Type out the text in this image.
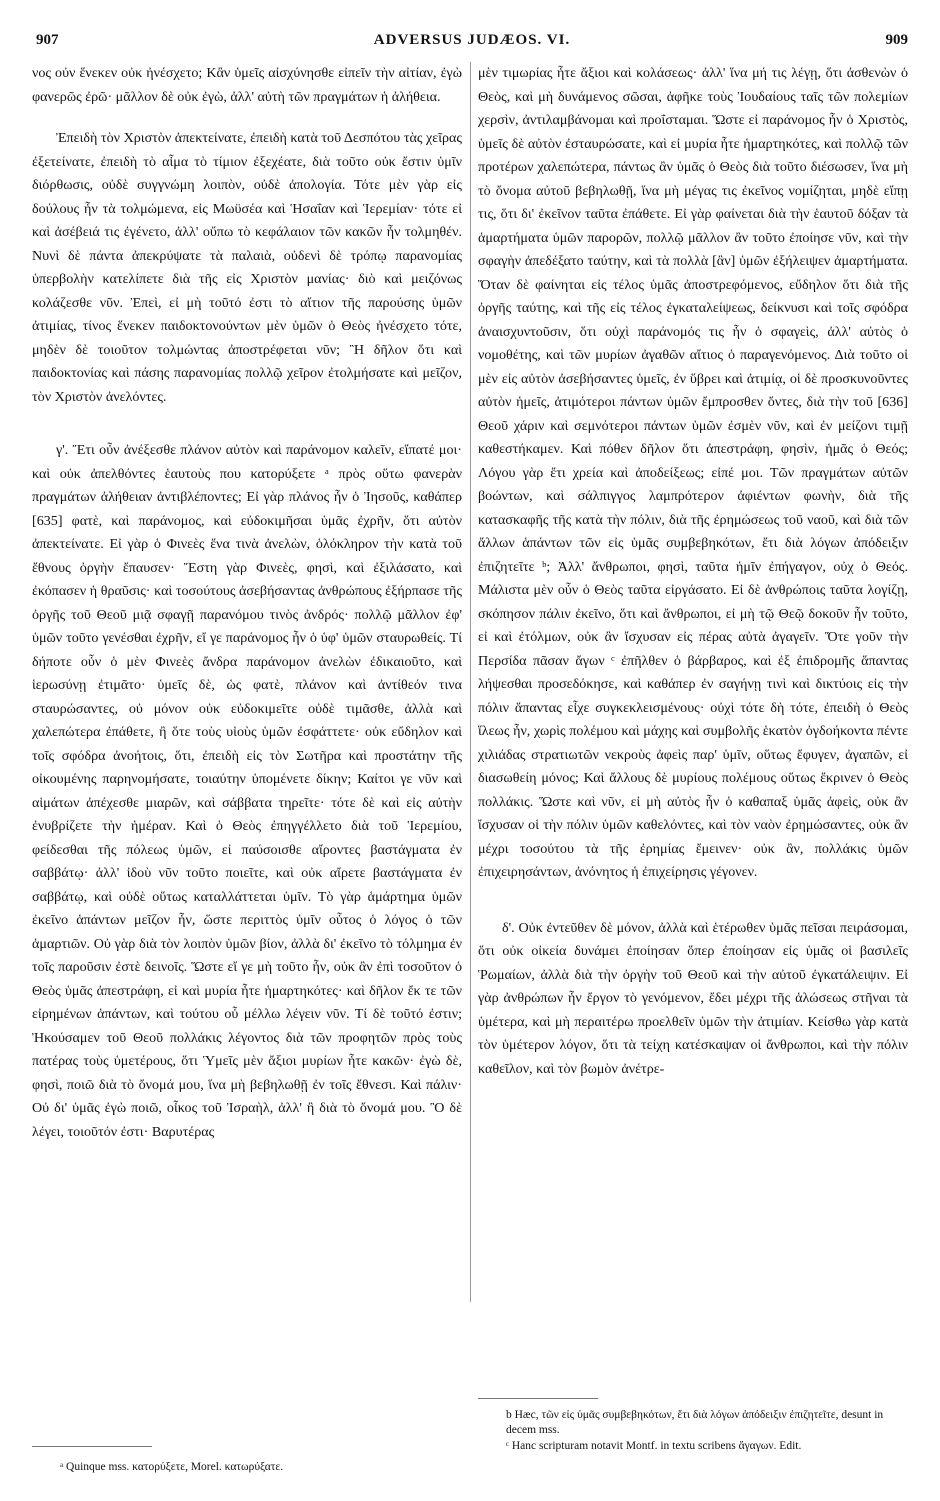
907	ADVERSUS JUDÆOS. VI.	909

νος οὐν ἕνεκεν οὐκ ἠνέσχετο; Κἂν ὑμεῖς αἰσχύνησθε εἰπεῖν τὴν αἰτίαν, ἐγὼ φανερῶς ἐρῶ· μᾶλλον δὲ οὐκ ἐγὼ, ἀλλ' αὐτὴ τῶν πραγμάτων ἡ ἀλήθεια.

Ἐπειδὴ τὸν Χριστὸν ἀπεκτείνατε, ἐπειδὴ κατὰ τοῦ Δεσπότου τὰς χεῖρας ἐξετείνατε, ἐπειδὴ τὸ αἷμα τὸ τίμιον ἐξεχέατε, διὰ τοῦτο οὐκ ἔστιν ὑμῖν διόρθωσις, οὐδὲ συγγνώμη λοιπὸν, οὐδὲ ἀπολογία. Τότε μὲν γὰρ εἰς δούλους ἦν τὰ τολμώμενα, εἰς Μωϋσέα καὶ Ἡσαΐαν καὶ Ἱερεμίαν· τότε εἰ καὶ ἀσέβειά τις ἐγένετο, ἀλλ' οὔπω τὸ κεφάλαιον τῶν κακῶν ἦν τολμηθέν. Νυνὶ δὲ πάντα ἀπεκρύψατε τὰ παλαιὰ, οὐδενὶ δὲ τρόπῳ παρανομίας ὑπερβολὴν κατελίπετε διὰ τῆς εἰς Χριστὸν μανίας· διὸ καὶ μειζόνως κολάζεσθε νῦν. Ἐπεὶ, εἰ μὴ τοῦτό ἐστι τὸ αἴτιον τῆς παρούσης ὑμῶν ἀτιμίας, τίνος ἕνεκεν παιδοκτονούντων μὲν ὑμῶν ὁ Θεὸς ἠνέσχετο τότε, μηδὲν δὲ τοιοῦτον τολμώντας ἀποστρέφεται νῦν; Ἢ δῆλον ὅτι καὶ παιδοκτονίας καὶ πάσης παρανομίας πολλῷ χεῖρον ἐτολμήσατε καὶ μεῖζον, τὸν Χριστὸν ἀνελόντες.

γ'. Ἔτι οὖν ἀνέξεσθε πλάνον αὐτὸν καὶ παράνομον καλεῖν, εἴπατέ μοι· καὶ οὐκ ἀπελθόντες ἑαυτοὺς που κατορύξετε ᵃ πρὸς οὕτω φανερὰν πραγμάτων ἀλήθειαν ἀντιβλέποντες; Εἰ γὰρ πλάνος ἦν ὁ Ἰησοῦς, καθάπερ [635] φατὲ, καὶ παράνομος, καὶ εὐδοκιμῆσαι ὑμᾶς ἐχρῆν, ὅτι αὐτὸν ἀπεκτείνατε. Εἰ γὰρ ὁ Φινεὲς ἕνα τινὰ ἀνελὼν, ὁλόκληρον τὴν κατὰ τοῦ ἔθνους ὀργὴν ἔπαυσεν· Ἔστη γὰρ Φινεὲς, φησὶ, καὶ ἐξιλάσατο, καὶ ἐκόπασεν ἡ θραῦσις· καὶ τοσούτους ἀσεβήσαντας ἀνθρώπους ἐξήρπασε τῆς ὀργῆς τοῦ Θεοῦ μιᾷ σφαγῇ παρανόμου τινὸς ἀνδρός· πολλῷ μᾶλλον ἐφ' ὑμῶν τοῦτο γενέσθαι ἐχρῆν, εἴ γε παράνομος ἦν ὁ ὑφ' ὑμῶν σταυρωθείς. Τί δήποτε οὖν ὁ μὲν Φινεὲς ἄνδρα παράνομον ἀνελὼν ἐδικαιοῦτο, καὶ ἱερωσύνῃ ἐτιμᾶτο· ὑμεῖς δὲ, ὡς φατὲ, πλάνον καὶ ἀντίθεόν τινα σταυρώσαντες, οὐ μόνον οὐκ εὐδοκιμεῖτε οὐδὲ τιμᾶσθε, ἀλλὰ καὶ χαλεπώτερα ἐπάθετε, ἢ ὅτε τοὺς υἱοὺς ὑμῶν ἐσφάττετε· οὐκ εὔδηλον καὶ τοῖς σφόδρα ἀνοήτοις, ὅτι, ἐπειδὴ εἰς τὸν Σωτῆρα καὶ προστάτην τῆς οἰκουμένης παρηνομήσατε, τοιαύτην ὑπομένετε δίκην; Καίτοι γε νῦν καὶ αἱμάτων ἀπέχεσθε μιαρῶν, καὶ σάββατα τηρεῖτε· τότε δὲ καὶ εἰς αὐτὴν ἐνυβρίζετε τὴν ἡμέραν. Καὶ ὁ Θεὸς ἐπηγγέλλετο διὰ τοῦ Ἱερεμίου, φείδεσθαι τῆς πόλεως ὑμῶν, εἰ παύσοισθε αἴροντες βαστάγματα ἐν σαββάτῳ· ἀλλ' ἰδοὺ νῦν τοῦτο ποιεῖτε, καὶ οὐκ αἴρετε βαστάγματα ἐν σαββάτῳ, καὶ οὐδὲ οὕτως καταλλάττεται ὑμῖν. Τὸ γὰρ ἁμάρτημα ὑμῶν ἐκεῖνο ἁπάντων μεῖζον ἦν, ὥστε περιττὸς ὑμῖν οὗτος ὁ λόγος ὁ τῶν ἁμαρτιῶν. Οὐ γὰρ διὰ τὸν λοιπὸν ὑμῶν βίον, ἀλλὰ δι' ἐκεῖνο τὸ τόλμημα ἐν τοῖς παροῦσιν ἐστὲ δεινοῖς. Ὥστε εἴ γε μὴ τοῦτο ἦν, οὐκ ἂν ἐπὶ τοσοῦτον ὁ Θεὸς ὑμᾶς ἀπεστράφη, εἰ καὶ μυρία ἦτε ἡμαρτηκότες· καὶ δῆλον ἔκ τε τῶν εἰρημένων ἁπάντων, καὶ τούτου οὗ μέλλω λέγειν νῦν. Τί δὲ τοῦτό ἐστιν; Ἠκούσαμεν τοῦ Θεοῦ πολλάκις λέγοντος διὰ τῶν προφητῶν πρὸς τοὺς πατέρας τοὺς ὑμετέρους, ὅτι Ὑμεῖς μὲν ἄξιοι μυρίων ἦτε κακῶν· ἐγὼ δὲ, φησὶ, ποιῶ διὰ τὸ ὄνομά μου, ἵνα μὴ βεβηλωθῇ ἐν τοῖς ἔθνεσι. Καὶ πάλιν· Οὐ δι' ὑμᾶς ἐγὼ ποιῶ, οἶκος τοῦ Ἰσραὴλ, ἀλλ' ἢ διὰ τὸ ὄνομά μου. Ὃ δὲ λέγει, τοιοῦτόν ἐστι· Βαρυτέρας

μὲν τιμωρίας ἦτε ἄξιοι καὶ κολάσεως· ἀλλ' ἵνα μή τις λέγῃ, ὅτι ἀσθενὼν ὁ Θεὸς, καὶ μὴ δυνάμενος σῶσαι, ἀφῆκε τοὺς Ἰουδαίους ταῖς τῶν πολεμίων χερσὶν, ἀντιλαμβάνομαι καὶ προΐσταμαι. Ὥστε εἰ παράνομος ἦν ὁ Χριστὸς, ὑμεῖς δὲ αὐτὸν ἐσταυρώσατε, καὶ εἰ μυρία ἦτε ἡμαρτηκότες, καὶ πολλῷ τῶν προτέρων χαλεπώτερα, πάντως ἂν ὑμᾶς ὁ Θεὸς διὰ τοῦτο διέσωσεν, ἵνα μὴ τὸ ὄνομα αὐτοῦ βεβηλωθῇ, ἵνα μὴ μέγας τις ἐκεῖνος νομίζηται, μηδὲ εἴπῃ τις, ὅτι δι' ἐκεῖνον ταῦτα ἐπάθετε. Εἰ γὰρ φαίνεται διὰ τὴν ἑαυτοῦ δόξαν τὰ ἁμαρτήματα ὑμῶν παρορῶν, πολλῷ μᾶλλον ἂν τοῦτο ἐποίησε νῦν, καὶ τὴν σφαγὴν ἀπεδέξατο ταύτην, καὶ τὰ πολλὰ [ἂν] ὑμῶν ἐξήλειψεν ἁμαρτήματα. Ὅταν δὲ φαίνηται εἰς τέλος ὑμᾶς ἀποστρεφόμενος, εὔδηλον ὅτι διὰ τῆς ὀργῆς ταύτης, καὶ τῆς εἰς τέλος ἐγκαταλείψεως, δείκνυσι καὶ τοῖς σφόδρα ἀναισχυντοῦσιν, ὅτι οὐχὶ παράνομός τις ἦν ὁ σφαγεὶς, ἀλλ' αὐτὸς ὁ νομοθέτης, καὶ τῶν μυρίων ἀγαθῶν αἴτιος ὁ παραγενόμενος. Διὰ τοῦτο οἱ μὲν εἰς αὐτὸν ἀσεβήσαντες ὑμεῖς, ἐν ὕβρει καὶ ἀτιμίᾳ, οἱ δὲ προσκυνοῦντες αὐτὸν ἡμεῖς, ἀτιμότεροι πάντων ὑμῶν ἔμπροσθεν ὄντες, διὰ τὴν τοῦ [636] Θεοῦ χάριν καὶ σεμνότεροι πάντων ὑμῶν ἐσμὲν νῦν, καὶ ἐν μείζονι τιμῇ καθεστήκαμεν. Καὶ πόθεν δῆλον ὅτι ἀπεστράφη, φησὶν, ἡμᾶς ὁ Θεός; Λόγου γὰρ ἔτι χρεία καὶ ἀποδείξεως; εἰπέ μοι. Τῶν πραγμάτων αὐτῶν βοώντων, καὶ σάλπιγγος λαμπρότερον ἀφιέντων φωνὴν, διὰ τῆς κατασκαφῆς τῆς κατὰ τὴν πόλιν, διὰ τῆς ἐρημώσεως τοῦ ναοῦ, καὶ διὰ τῶν ἄλλων ἁπάντων τῶν εἰς ὑμᾶς συμβεβηκότων, ἔτι διὰ λόγων ἀπόδειξιν ἐπιζητεῖτε ᵇ; Ἀλλ' ἄνθρωποι, φησὶ, ταῦτα ἡμῖν ἐπήγαγον, οὐχ ὁ Θεός. Μάλιστα μὲν οὖν ὁ Θεὸς ταῦτα εἰργάσατο. Εἰ δὲ ἀνθρώποις ταῦτα λογίζῃ, σκόπησον πάλιν ἐκεῖνο, ὅτι καὶ ἄνθρωποι, εἰ μὴ τῷ Θεῷ δοκοῦν ἦν τοῦτο, εἰ καὶ ἐτόλμων, οὐκ ἂν ἴσχυσαν εἰς πέρας αὐτὰ ἀγαγεῖν. Ὅτε γοῦν τὴν Περσίδα πᾶσαν ἄγων ᶜ ἐπῆλθεν ὁ βάρβαρος, καὶ ἐξ ἐπιδρομῆς ἅπαντας λήψεσθαι προσεδόκησε, καὶ καθάπερ ἐν σαγήνῃ τινὶ καὶ δικτύοις εἰς τὴν πόλιν ἅπαντας εἶχε συγκεκλεισμένους· οὐχὶ τότε δὴ τότε, ἐπειδὴ ὁ Θεὸς ἵλεως ἦν, χωρὶς πολέμου καὶ μάχης καὶ συμβολῆς ἑκατὸν ὀγδοήκοντα πέντε χιλιάδας στρατιωτῶν νεκροὺς ἀφεὶς παρ' ὑμῖν, οὕτως ἔφυγεν, ἀγαπῶν, εἰ διασωθείη μόνος; Καὶ ἄλλους δὲ μυρίους πολέμους οὕτως ἔκρινεν ὁ Θεὸς πολλάκις. Ὥστε καὶ νῦν, εἰ μὴ αὐτὸς ἦν ὁ καθαπαξ ὑμᾶς ἀφεὶς, οὐκ ἂν ἴσχυσαν οἱ τὴν πόλιν ὑμῶν καθελόντες, καὶ τὸν ναὸν ἐρημώσαντες, οὐκ ἂν μέχρι τοσούτου τὰ τῆς ἐρημίας ἔμεινεν· οὐκ ἂν, πολλάκις ὑμῶν ἐπιχειρησάντων, ἀνόνητος ἡ ἐπιχείρησις γέγονεν.

δ'. Οὐκ ἐντεῦθεν δὲ μόνον, ἀλλὰ καὶ ἑτέρωθεν ὑμᾶς πεῖσαι πειράσομαι, ὅτι οὐκ οἰκεία δυνάμει ἐποίησαν ὅπερ ἐποίησαν εἰς ὑμᾶς οἱ βασιλεῖς Ῥωμαίων, ἀλλὰ διὰ τὴν ὀργὴν τοῦ Θεοῦ καὶ τὴν αὐτοῦ ἐγκατάλειψιν. Εἰ γὰρ ἀνθρώπων ἦν ἔργον τὸ γενόμενον, ἔδει μέχρι τῆς ἁλώσεως στῆναι τὰ ὑμέτερα, καὶ μὴ περαιτέρω προελθεῖν ὑμῶν τὴν ἀτιμίαν. Κείσθω γὰρ κατὰ τὸν ὑμέτερον λόγον, ὅτι τὰ τείχη κατέσκαψαν οἱ ἄνθρωποι, καὶ τὴν πόλιν καθεῖλον, καὶ τὸν βωμὸν ἀνέτρε-

ᵃ Quinque mss. κατορύξετε, Morel. κατωρύξατε.

b Hæc, τῶν εἰς ὑμᾶς συμβεβηκότων, ἔτι διὰ λόγων ἀπόδειξιν ἐπιζητεῖτε, desunt in decem mss.

ᶜ Hanc scripturam notavit Montf. in textu scribens ἄγαγων. Edit.
